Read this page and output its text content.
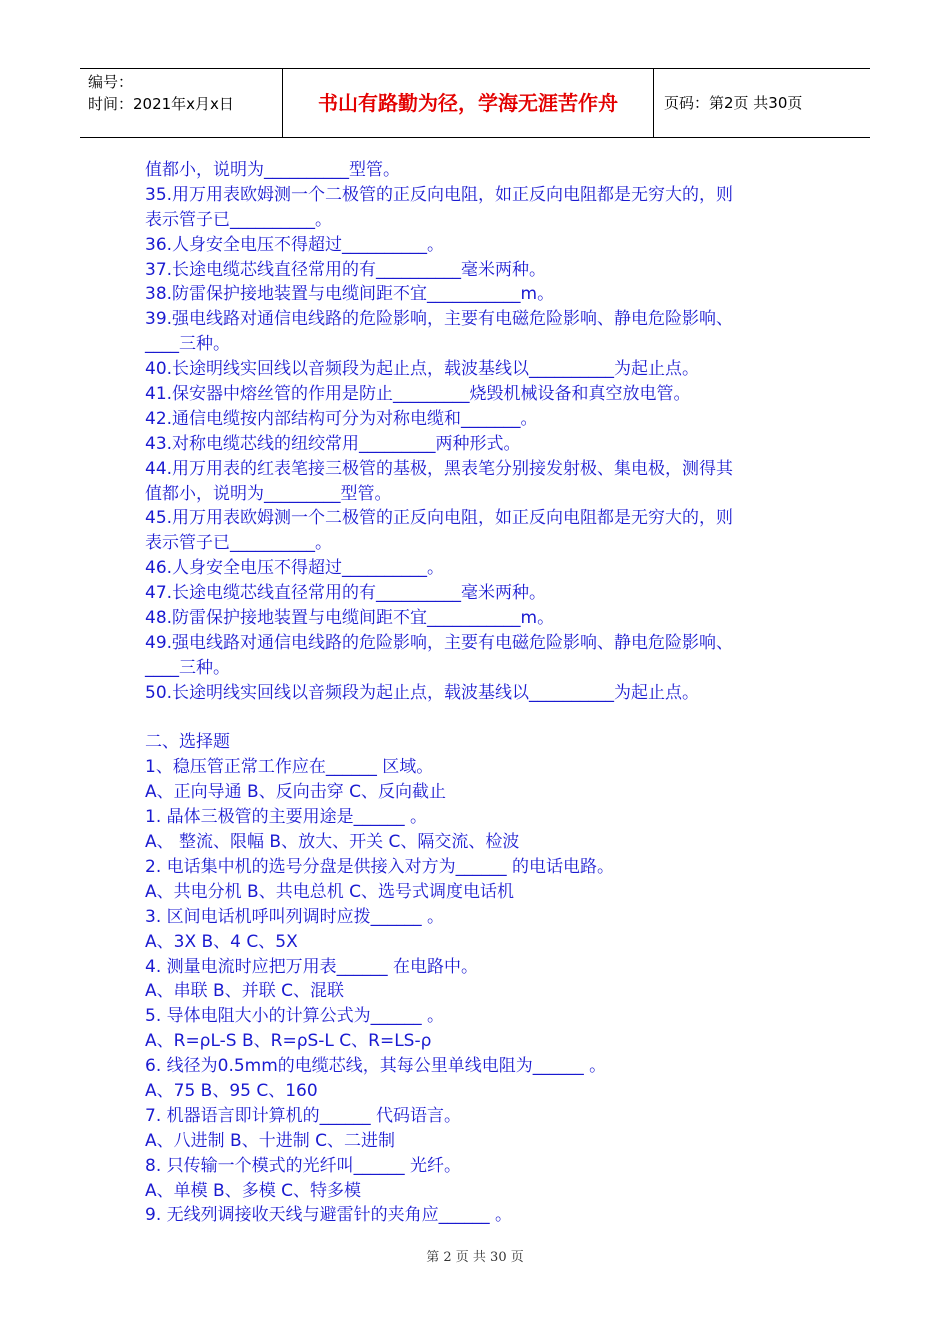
编号：
时间：2021年x月x日	书山有路勤为径，学海无涯苦作舟	页码：第2页 共30页
值都小，说明为__________型管。
35.用万用表欧姆测一个二极管的正反向电阻，如正反向电阻都是无穷大的，则
表示管子已__________。
36.人身安全电压不得超过__________。
37.长途电缆芯线直径常用的有__________毫米两种。
38.防雷保护接地装置与电缆间距不宜___________m。
39.强电线路对通信电线路的危险影响，主要有电磁危险影响、静电危险影响、
____三种。
40.长途明线实回线以音频段为起止点，载波基线以__________为起止点。
41.保安器中熔丝管的作用是防止_________烧毁机械设备和真空放电管。
42.通信电缆按内部结构可分为对称电缆和_______。
43.对称电缆芯线的纽绞常用_________两种形式。
44.用万用表的红表笔接三极管的基极，黑表笔分别接发射极、集电极，测得其
值都小，说明为_________型管。
45.用万用表欧姆测一个二极管的正反向电阻，如正反向电阻都是无穷大的，则
表示管子已__________。
46.人身安全电压不得超过__________。
47.长途电缆芯线直径常用的有__________毫米两种。
48.防雷保护接地装置与电缆间距不宜___________m。
49.强电线路对通信电线路的危险影响，主要有电磁危险影响、静电危险影响、
____三种。
50.长途明线实回线以音频段为起止点，载波基线以__________为起止点。
二、选择题
1、稳压管正常工作应在______ 区域。
A、正向导通 B、反向击穿 C、反向截止
1. 晶体三极管的主要用途是______ 。
A、 整流、限幅 B、放大、开关 C、隔交流、检波
2. 电话集中机的选号分盘是供接入对方为______ 的电话电路。
A、共电分机 B、共电总机 C、选号式调度电话机
3. 区间电话机呼叫列调时应拨______ 。
A、3X B、4 C、5X
4. 测量电流时应把万用表______ 在电路中。
A、串联 B、并联 C、混联
5. 导体电阻大小的计算公式为______ 。
A、R=ρL-S B、R=ρS-L C、R=LS-ρ
6. 线径为0.5mm的电缆芯线，其每公里单线电阻为______ 。
A、75 B、95 C、160
7. 机器语言即计算机的______ 代码语言。
A、八进制 B、十进制 C、二进制
8. 只传输一个模式的光纤叫______ 光纤。
A、单模 B、多模 C、特多模
9. 无线列调接收天线与避雷针的夹角应______ 。
第 2 页 共 30 页
